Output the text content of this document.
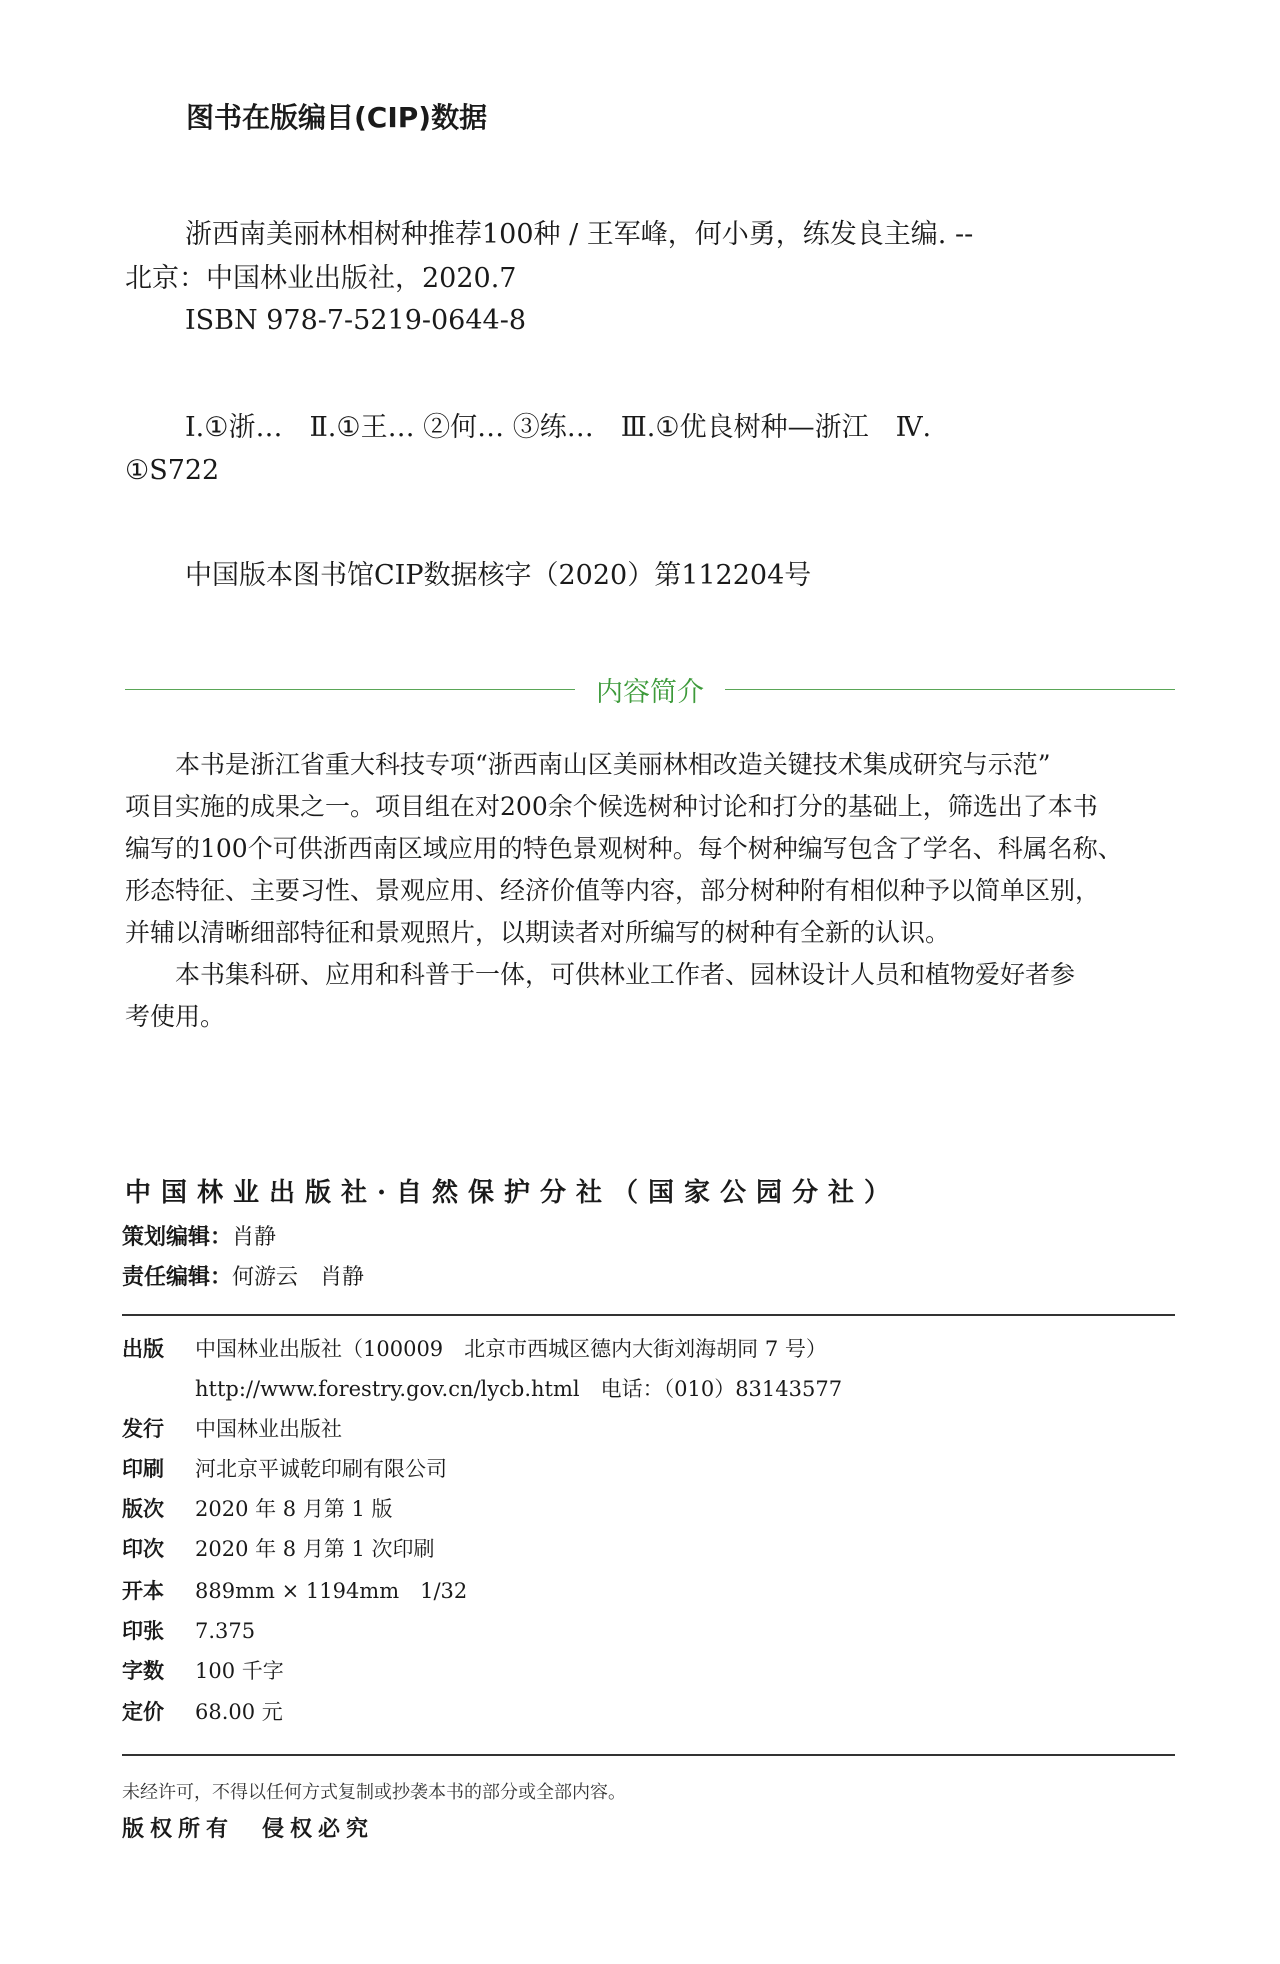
图书在版编目(CIP)数据
浙西南美丽林相树种推荐100种 / 王军峰，何小勇，练发良主编. --
北京：中国林业出版社，2020.7
ISBN 978-7-5219-0644-8
Ⅰ.①浙…　Ⅱ.①王… ②何… ③练…　Ⅲ.①优良树种—浙江　Ⅳ.
①S722
中国版本图书馆CIP数据核字（2020）第112204号
内容简介
　　本书是浙江省重大科技专项“浙西南山区美丽林相改造关键技术集成研究与示范”
项目实施的成果之一。项目组在对200余个候选树种讨论和打分的基础上，筛选出了本书
编写的100个可供浙西南区域应用的特色景观树种。每个树种编写包含了学名、科属名称、
形态特征、主要习性、景观应用、经济价值等内容，部分树种附有相似种予以简单区别，
并辅以清晰细部特征和景观照片，以期读者对所编写的树种有全新的认识。
　　本书集科研、应用和科普于一体，可供林业工作者、园林设计人员和植物爱好者参
考使用。
中国林业出版社·自然保护分社（国家公园分社）
策划编辑：肖静
责任编辑：何游云　肖静
出版 中国林业出版社（100009　北京市西城区德内大街刘海胡同 7 号）
http://www.forestry.gov.cn/lycb.html　电话：（010）83143577
发行 中国林业出版社
印刷 河北京平诚乾印刷有限公司
版次 2020 年 8 月第 1 版
印次 2020 年 8 月第 1 次印刷
开本 889mm × 1194mm　1/32
印张 7.375
字数 100 千字
定价 68.00 元
未经许可，不得以任何方式复制或抄袭本书的部分或全部内容。
版权所有　侵权必究
